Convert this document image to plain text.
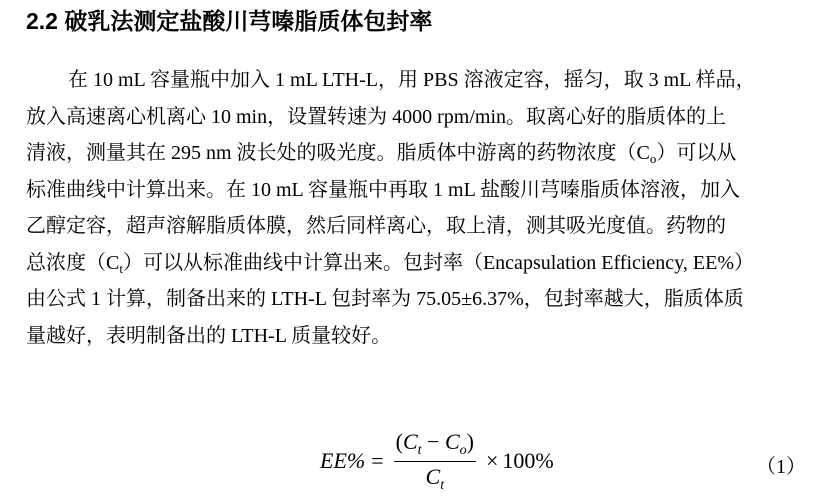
2.2 破乳法测定盐酸川芎嗪脂质体包封率
在 10 mL 容量瓶中加入 1 mL LTH-L，用 PBS 溶液定容，摇匀，取 3 mL 样品，
放入高速离心机离心 10 min，设置转速为 4000 rpm/min。取离心好的脂质体的上
清液，测量其在 295 nm 波长处的吸光度。脂质体中游离的药物浓度$(C_o)$可以从
标准曲线中计算出来。在 10 mL 容量瓶中再取 1 mL 盐酸川芎嗪脂质体溶液，加入
乙醇定容，超声溶解脂质体膜，然后同样离心，取上清，测其吸光度值。药物的
总浓度$(C_t)$可以从标准曲线中计算出来。包封率（Encapsulation Efficiency, EE%）
由公式 1 计算，制备出来的 LTH-L 包封率为 75.05±6.37%，包封率越大，脂质体质
量越好，表明制备出的 LTH-L 质量较好。
$EE\% = \frac{(C_t - C_o)}{C_t} \times 100\%$	（1）
